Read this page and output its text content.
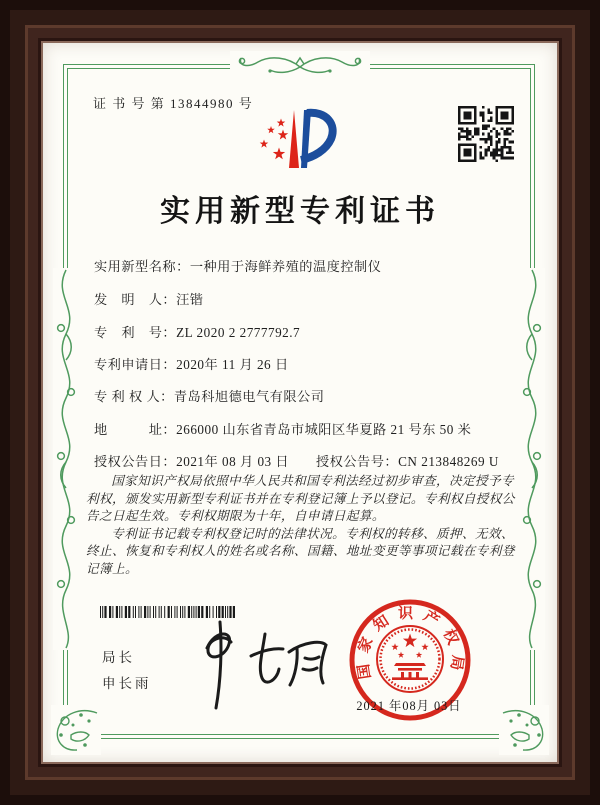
证 书 号 第 13844980 号
实用新型专利证书
实用新型名称：一种用于海鲜养殖的温度控制仪
发　明　人：汪锴
专　利　号：ZL 2020 2 2777792.7
专利申请日：2020年 11 月 26 日
专 利 权 人：青岛科旭德电气有限公司
地　　　址：266000 山东省青岛市城阳区华夏路 21 号东 50 米
授权公告日：2021年 08 月 03 日 授权公告号：CN 213848269 U

国家知识产权局依照中华人民共和国专利法经过初步审查，决定授予专利权，颁发实用新型专利证书并在专利登记簿上予以登记。专利权自授权公告之日起生效。专利权期限为十年，自申请日起算。

专利证书记载专利权登记时的法律状况。专利权的转移、质押、无效、终止、恢复和专利权人的姓名或名称、国籍、地址变更等事项记载在专利登记簿上。

局长
申长雨
国家知识产权局
2021 年08月 03日
